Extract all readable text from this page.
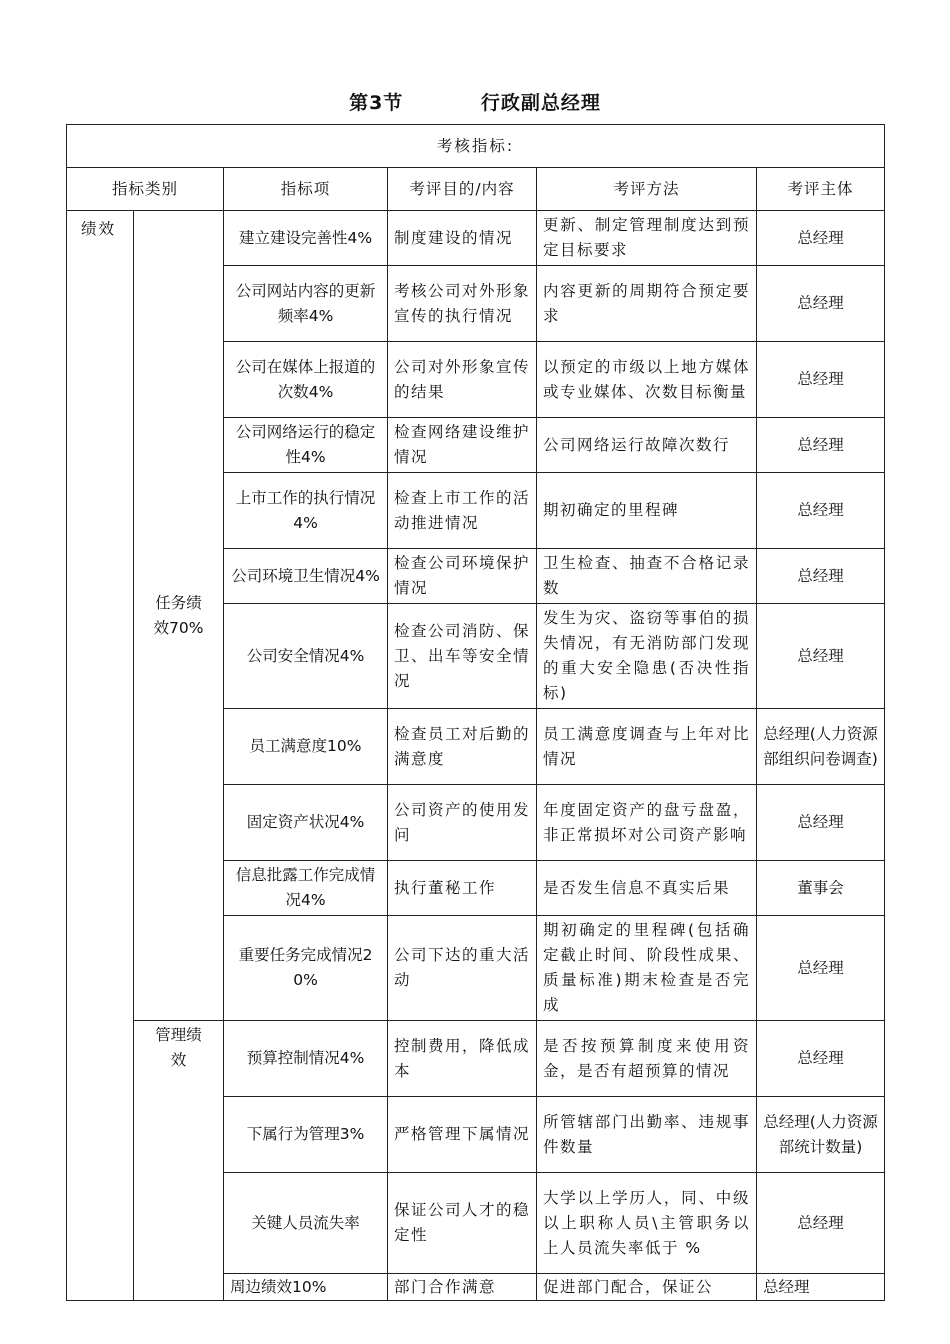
第3节	行政副总经理
考核指标:					
指标类别		指标项	考评目的/内容	考评方法	考评主体
绩效	任务绩效70%	建立建设完善性4%	制度建设的情况	更新、制定管理制度达到预定目标要求	总经理
		公司网站内容的更新频率4%	考核公司对外形象宣传的执行情况	内容更新的周期符合预定要求	总经理
		公司在媒体上报道的次数4%	公司对外形象宣传的结果	以预定的市级以上地方媒体或专业媒体、次数目标衡量	总经理
		公司网络运行的稳定性4%	检查网络建设维护情况	公司网络运行故障次数行	总经理
		上市工作的执行情况4%	检查上市工作的活动推进情况	期初确定的里程碑	总经理
		公司环境卫生情况4%	检查公司环境保护情况	卫生检查、抽查不合格记录数	总经理
		公司安全情况4%	检查公司消防、保卫、出车等安全情况	发生为灾、盗窃等事伯的损失情况，有无消防部门发现的重大安全隐患(否决性指标)	总经理
		员工满意度10%	检查员工对后勤的满意度	员工满意度调查与上年对比情况	总经理(人力资源部组织问卷调查)
		固定资产状况4%	公司资产的使用发问	年度固定资产的盘亏盘盈，非正常损坏对公司资产影响	总经理
		信息批露工作完成情况4%	执行董秘工作	是否发生信息不真实后果	董事会
		重要任务完成情况20%	公司下达的重大活动	期初确定的里程碑(包括确定截止时间、阶段性成果、质量标准)期末检查是否完成	总经理
	管理绩效	预算控制情况4%	控制费用，降低成本	是否按预算制度来使用资金，是否有超预算的情况	总经理
		下属行为管理3%	严格管理下属情况	所管辖部门出勤率、违规事件数量	总经理(人力资源部统计数量)
		关键人员流失率	保证公司人才的稳定性	大学以上学历人，同、中级以上职称人员\主管职务以上人员流失率低于 %	总经理
		周边绩效10%	部门合作满意	促进部门配合，保证公	总经理
